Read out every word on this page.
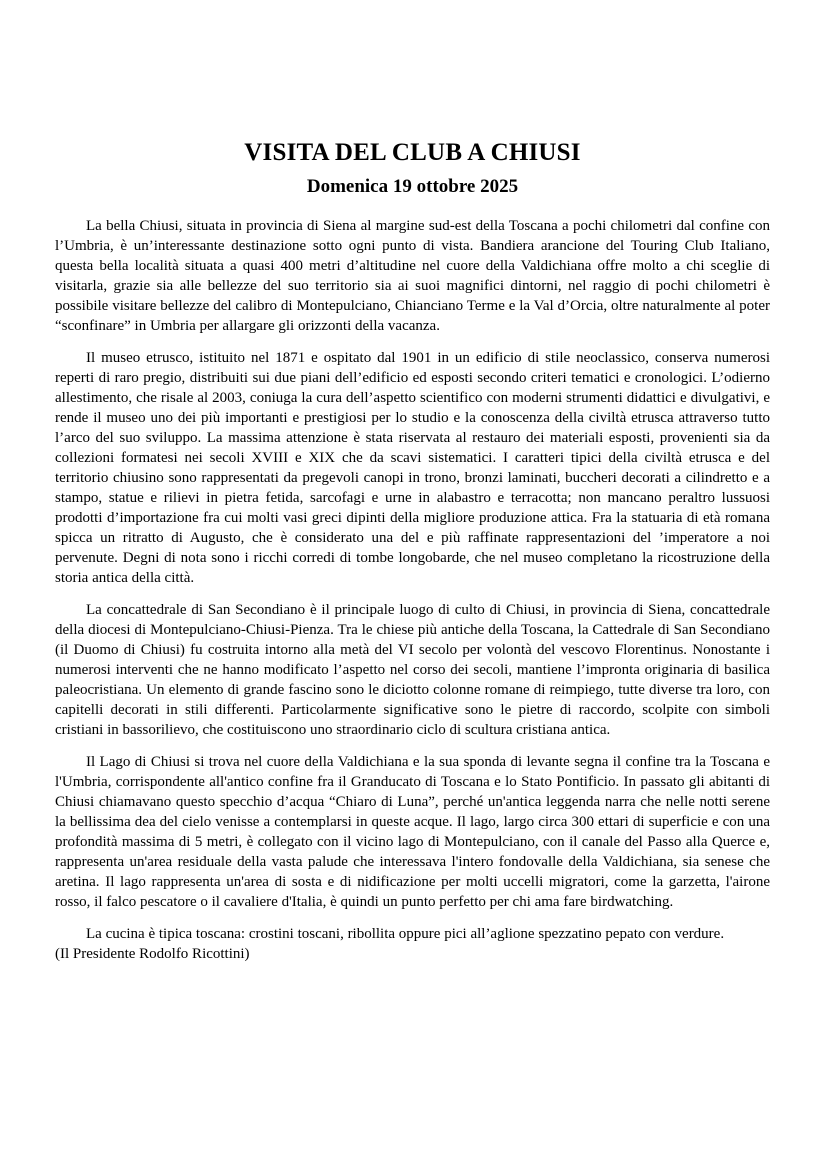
VISITA DEL CLUB A CHIUSI
Domenica 19 ottobre 2025

La bella Chiusi, situata in provincia di Siena al margine sud-est della Toscana a pochi chilometri dal confine con l’Umbria, è un’interessante destinazione sotto ogni punto di vista. Bandiera arancione del Touring Club Italiano, questa bella località situata a quasi 400 metri d’altitudine nel cuore della Valdichiana offre molto a chi sceglie di visitarla, grazie sia alle bellezze del suo territorio sia ai suoi magnifici dintorni, nel raggio di pochi chilometri è possibile visitare bellezze del calibro di Montepulciano, Chianciano Terme e la Val d’Orcia, oltre naturalmente al poter “sconfinare” in Umbria per allargare gli orizzonti della vacanza.

Il museo etrusco, istituito nel 1871 e ospitato dal 1901 in un edificio di stile neoclassico, conserva numerosi reperti di raro pregio, distribuiti sui due piani dell’edificio ed esposti secondo criteri tematici e cronologici. L’odierno allestimento, che risale al 2003, coniuga la cura dell’aspetto scientifico con moderni strumenti didattici e divulgativi, e rende il museo uno dei più importanti e prestigiosi per lo studio e la conoscenza della civiltà etrusca attraverso tutto l’arco del suo sviluppo. La massima attenzione è stata riservata al restauro dei materiali esposti, provenienti sia da collezioni formatesi nei secoli XVIII e XIX che da scavi sistematici. I caratteri tipici della civiltà etrusca e del territorio chiusino sono rappresentati da pregevoli canopi in trono, bronzi laminati, buccheri decorati a cilindretto e a stampo, statue e rilievi in pietra fetida, sarcofagi e urne in alabastro e terracotta; non mancano peraltro lussuosi prodotti d’importazione fra cui molti vasi greci dipinti della migliore produzione attica. Fra la statuaria di età romana spicca un ritratto di Augusto, che è considerato una del e più raffinate rappresentazioni del ’imperatore a noi pervenute. Degni di nota sono i ricchi corredi di tombe longobarde, che nel museo completano la ricostruzione della storia antica della città.

La concattedrale di San Secondiano è il principale luogo di culto di Chiusi, in provincia di Siena, concattedrale della diocesi di Montepulciano-Chiusi-Pienza. Tra le chiese più antiche della Toscana, la Cattedrale di San Secondiano (il Duomo di Chiusi) fu costruita intorno alla metà del VI secolo per volontà del vescovo Florentinus. Nonostante i numerosi interventi che ne hanno modificato l’aspetto nel corso dei secoli, mantiene l’impronta originaria di basilica paleocristiana. Un elemento di grande fascino sono le diciotto colonne romane di reimpiego, tutte diverse tra loro, con capitelli decorati in stili differenti. Particolarmente significative sono le pietre di raccordo, scolpite con simboli cristiani in bassorilievo, che costituiscono uno straordinario ciclo di scultura cristiana antica.

Il Lago di Chiusi si trova nel cuore della Valdichiana e la sua sponda di levante segna il confine tra la Toscana e l'Umbria, corrispondente all'antico confine fra il Granducato di Toscana e lo Stato Pontificio. In passato gli abitanti di Chiusi chiamavano questo specchio d’acqua “Chiaro di Luna”, perché un'antica leggenda narra che nelle notti serene la bellissima dea del cielo venisse a contemplarsi in queste acque. Il lago, largo circa 300 ettari di superficie e con una profondità massima di 5 metri, è collegato con il vicino lago di Montepulciano, con il canale del Passo alla Querce e, rappresenta un'area residuale della vasta palude che interessava l'intero fondovalle della Valdichiana, sia senese che aretina. Il lago rappresenta un'area di sosta e di nidificazione per molti uccelli migratori, come la garzetta, l'airone rosso, il falco pescatore o il cavaliere d'Italia, è quindi un punto perfetto per chi ama fare birdwatching.

La cucina è tipica toscana: crostini toscani, ribollita oppure pici all’aglione spezzatino pepato con verdure.
(Il Presidente Rodolfo Ricottini)
